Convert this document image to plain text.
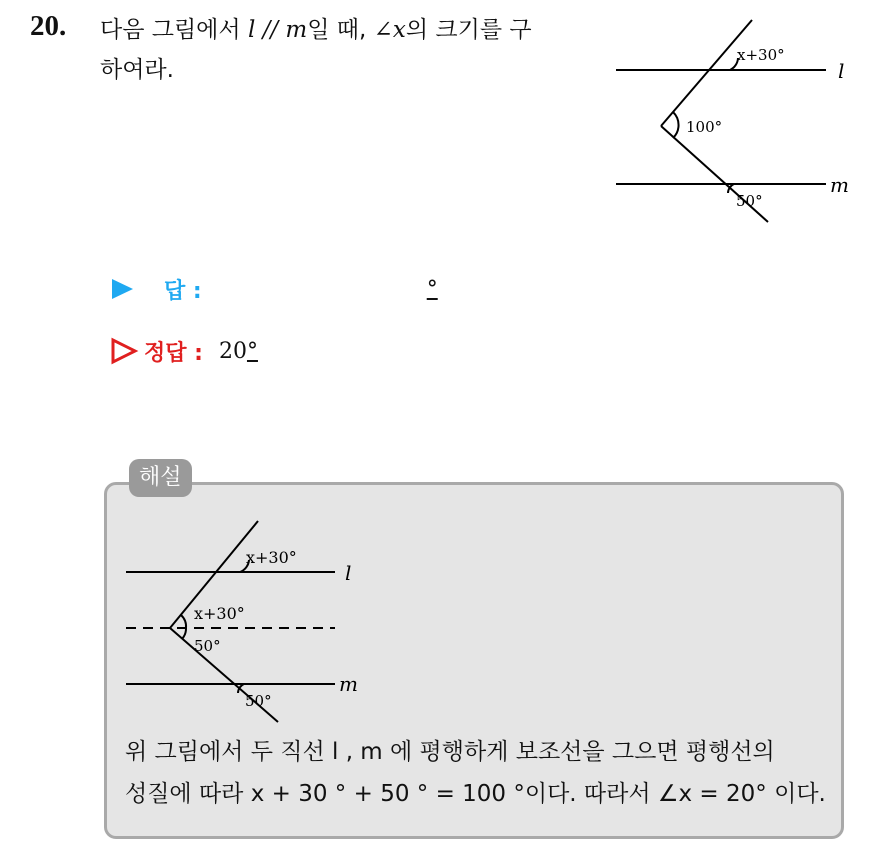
20. 다음 그림에서 l // m일 때, ∠x의 크기를 구
하여라.	l
m
x+30°
100°
50°
답 :	°
정답 : 20 °
해설
l
m
x+30°
x+30°
50°
50°
위 그림에서 두 직선 l , m 에 평행하게 보조선을 그으면 평행선의
성질에 따라 x + 30 ° + 50 ° = 100 °이다. 따라서 ∠x = 20° 이다.
